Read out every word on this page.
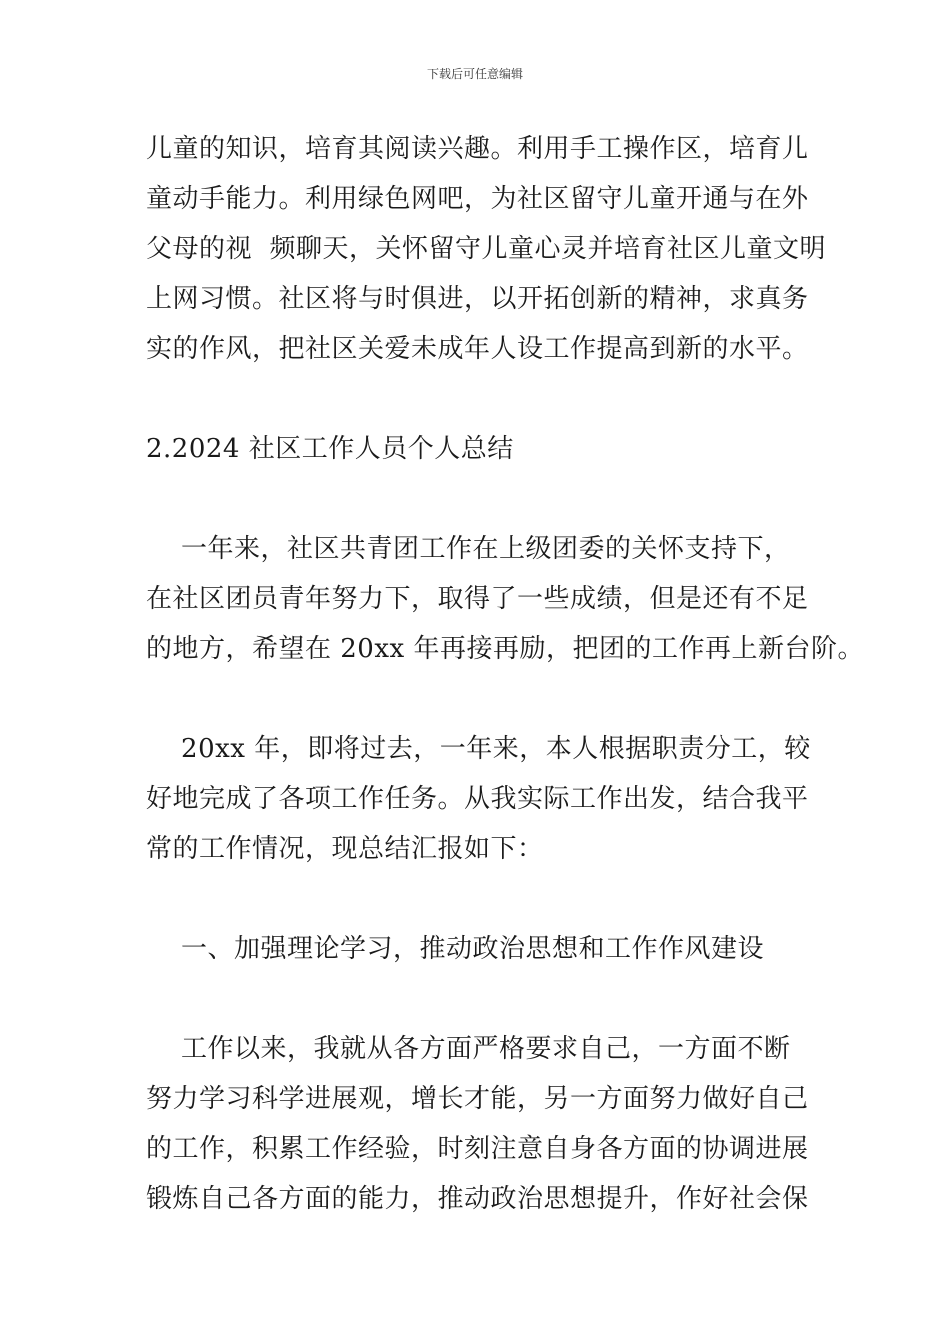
下载后可任意编辑
儿童的知识，培育其阅读兴趣。利用手工操作区，培育儿
童动手能力。利用绿色网吧，为社区留守儿童开通与在外
父母的视  频聊天，关怀留守儿童心灵并培育社区儿童文明
上网习惯。社区将与时俱进，以开拓创新的精神，求真务
实的作风，把社区关爱未成年人设工作提高到新的水平。
2.2024 社区工作人员个人总结
一年来，社区共青团工作在上级团委的关怀支持下，
在社区团员青年努力下，取得了一些成绩，但是还有不足
的地方，希望在 20xx 年再接再励，把团的工作再上新台阶。
20xx 年，即将过去，一年来，本人根据职责分工，较
好地完成了各项工作任务。从我实际工作出发，结合我平
常的工作情况，现总结汇报如下：
一、加强理论学习，推动政治思想和工作作风建设
工作以来，我就从各方面严格要求自己，一方面不断
努力学习科学进展观，增长才能，另一方面努力做好自己
的工作，积累工作经验，时刻注意自身各方面的协调进展
锻炼自己各方面的能力，推动政治思想提升，作好社会保
